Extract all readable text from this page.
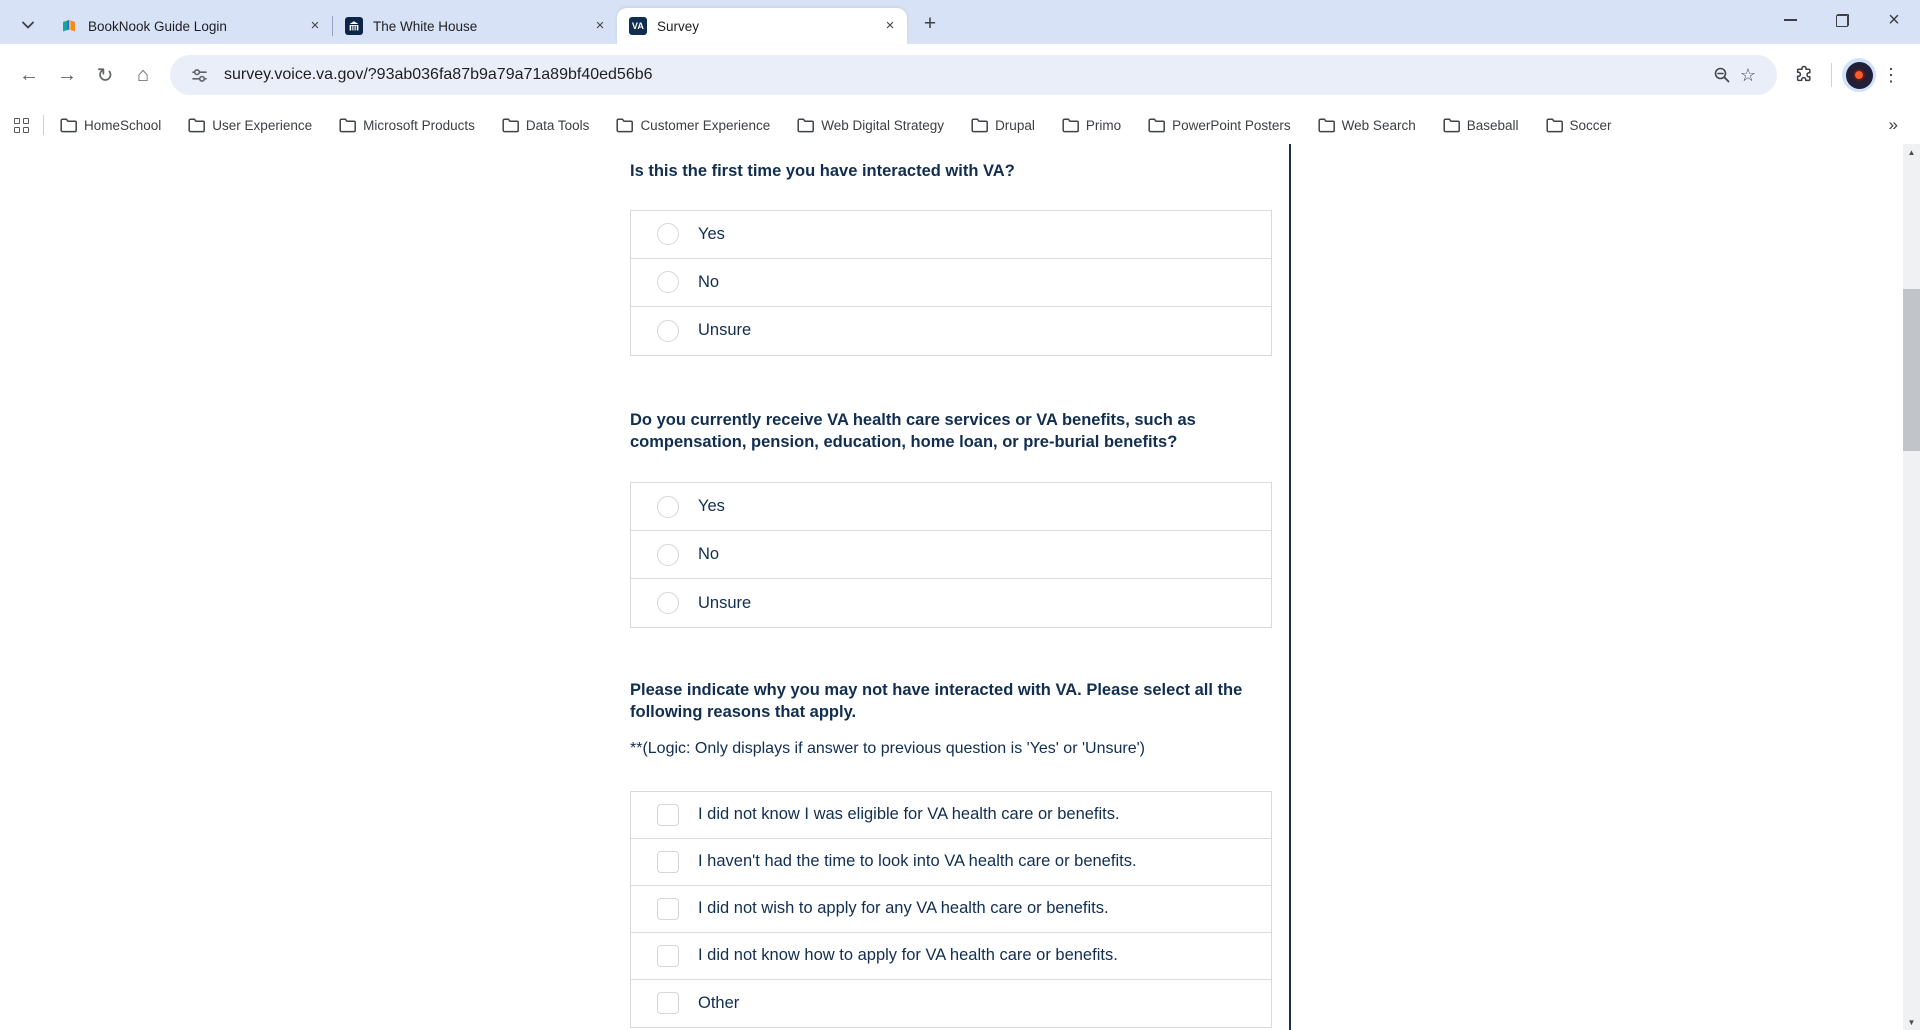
BookNook Guide Login	×	The White House	×	VA Survey	×	+	×
← → ↻	⌂	survey.voice.va.gov/?93ab036fa87b9a79a71a89bf40ed56b6	☆	⋮
HomeSchool	User Experience	Microsoft Products	Data Tools	Customer Experience	Web Digital Strategy	Drupal	Primo	PowerPoint Posters	Web Search	Baseball	Soccer	»
Is this the first time you have interacted with VA?
Yes
No
Unsure
Do you currently receive VA health care services or VA benefits, such as compensation, pension, education, home loan, or pre-burial benefits?
Yes
No
Unsure
Please indicate why you may not have interacted with VA. Please select all the following reasons that apply.
**(Logic: Only displays if answer to previous question is 'Yes' or 'Unsure')
I did not know I was eligible for VA health care or benefits.
I haven't had the time to look into VA health care or benefits.
I did not wish to apply for any VA health care or benefits.
I did not know how to apply for VA health care or benefits.
Other
▲
▼
